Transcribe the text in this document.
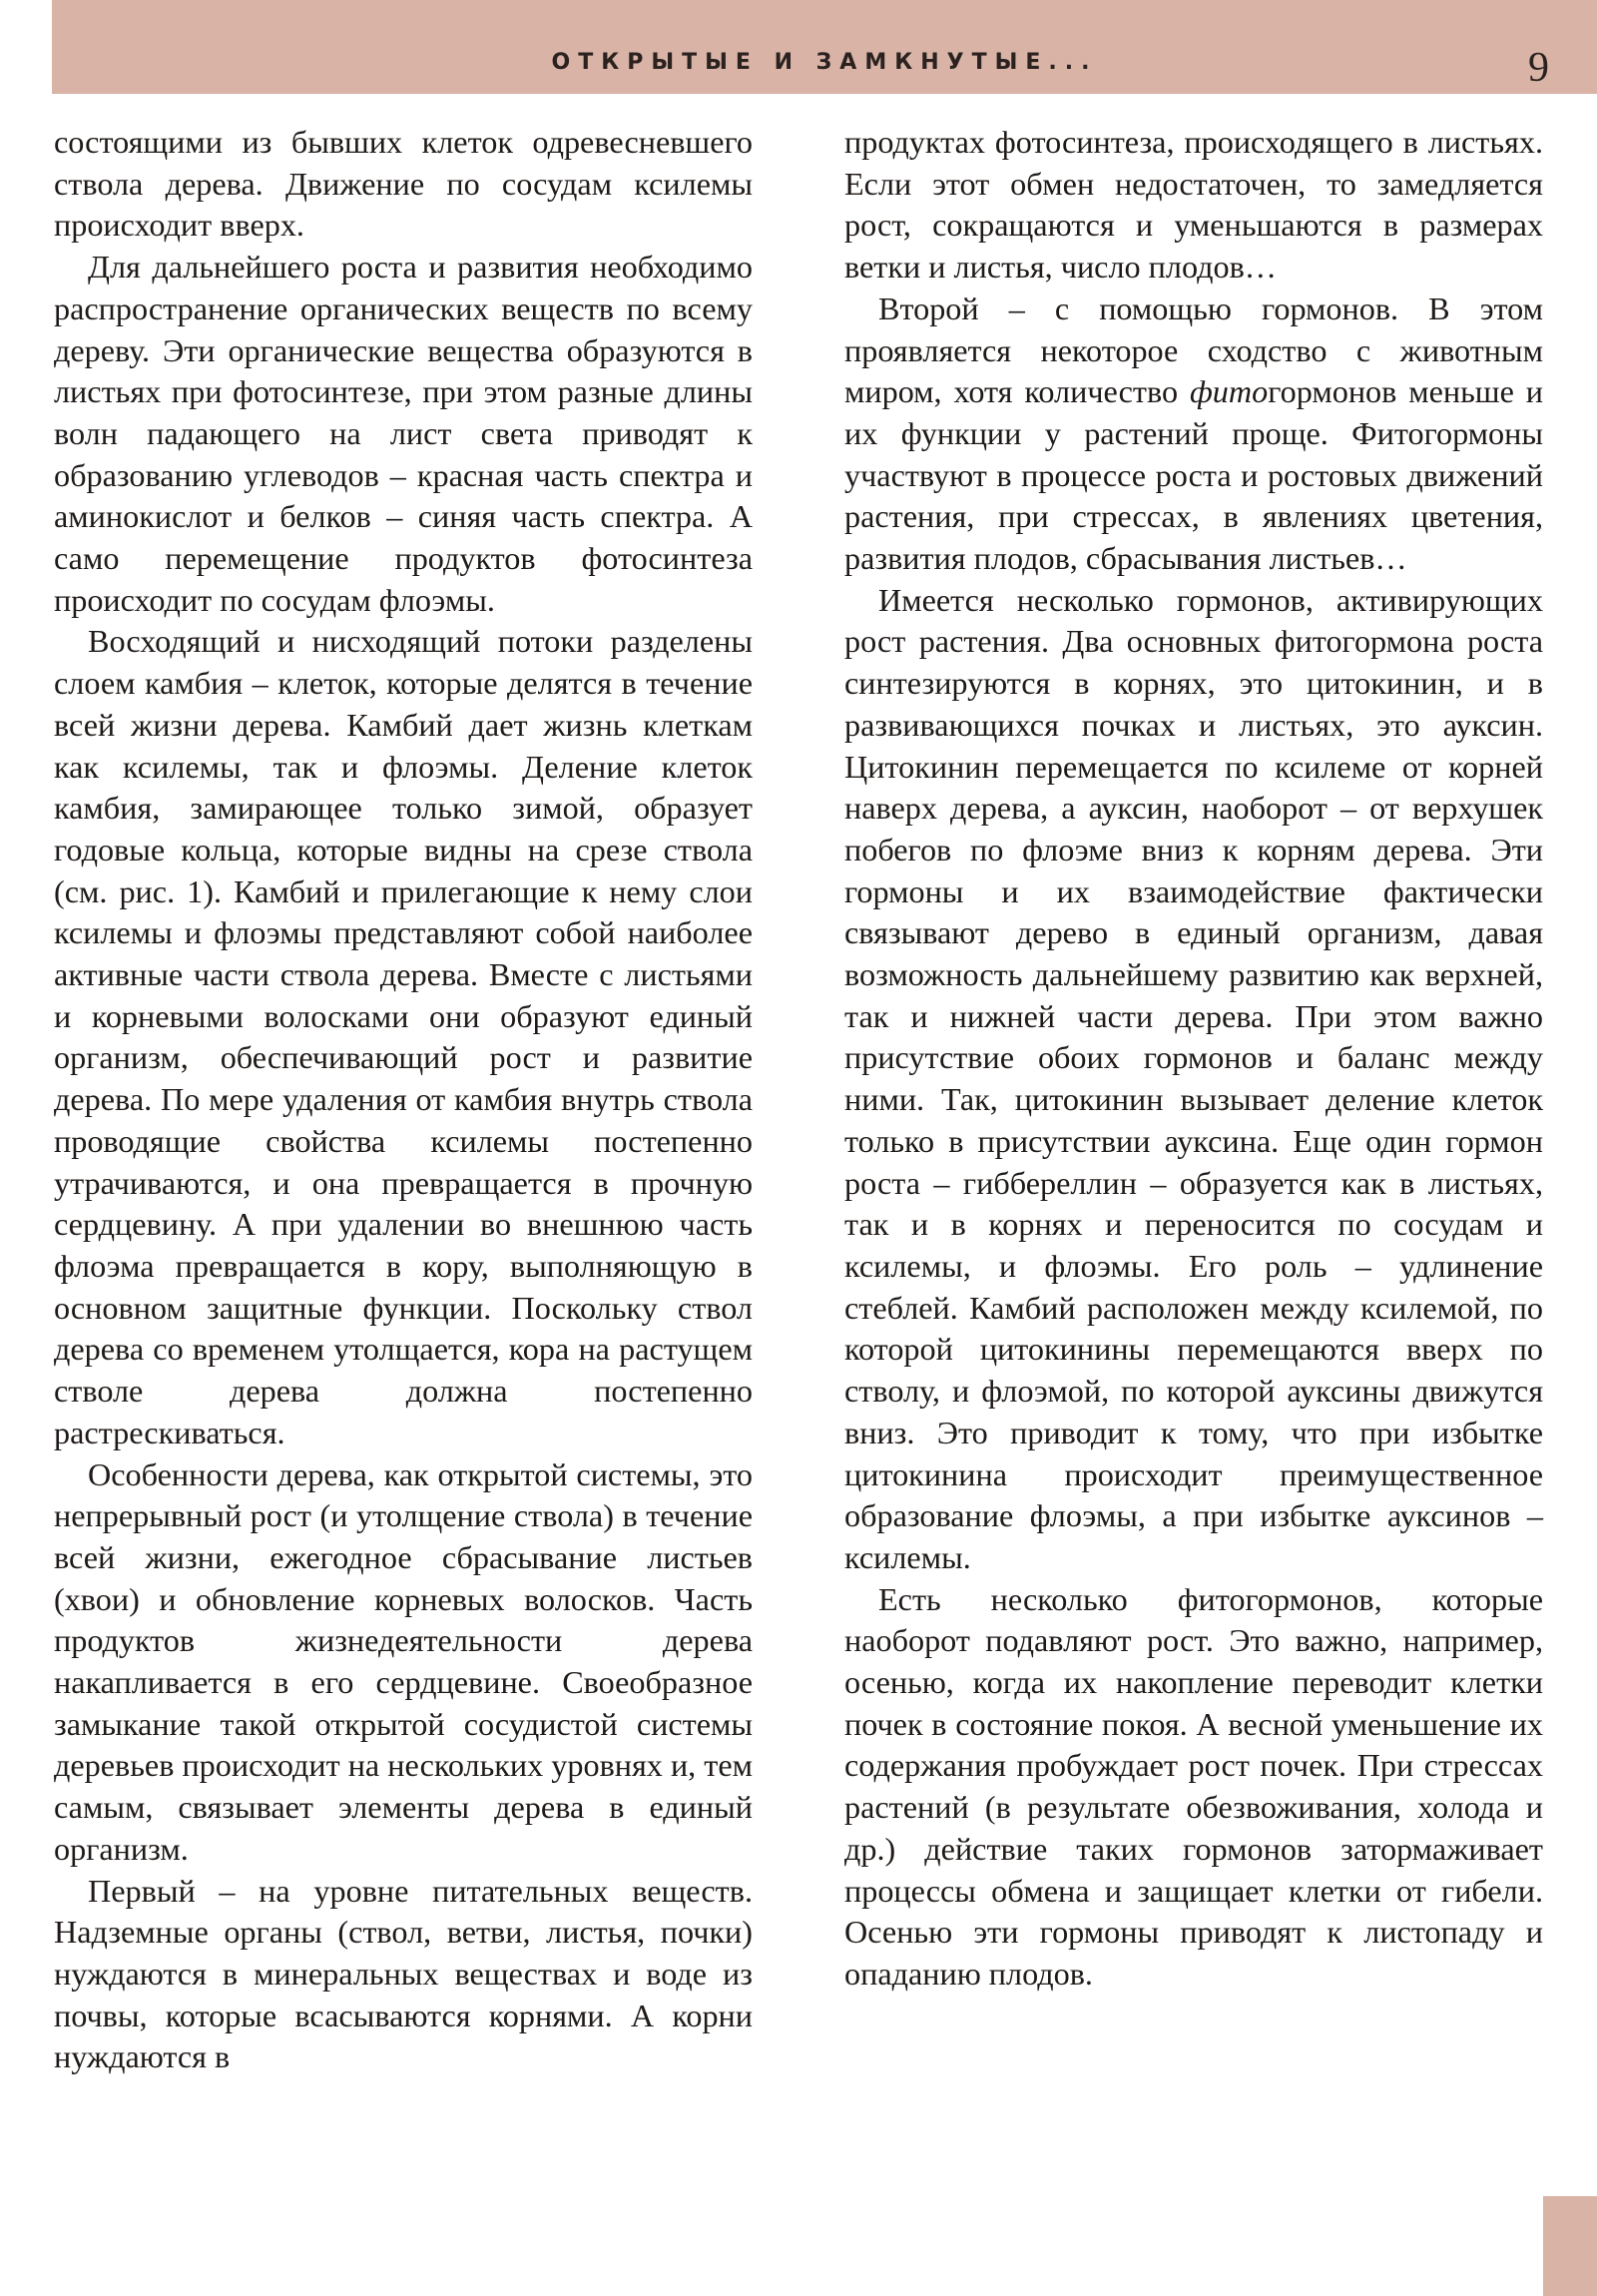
ОТКРЫТЫЕ И ЗАМКНУТЫЕ...	9

состоящими из бывших клеток одревесневшего ствола дерева. Движение по сосудам ксилемы происходит вверх.

Для дальнейшего роста и развития необходимо распространение органических веществ по всему дереву. Эти органические вещества образуются в листьях при фотосинтезе, при этом разные длины волн падающего на лист света приводят к образованию углеводов – красная часть спектра и аминокислот и белков – синяя часть спектра. А само перемещение продуктов фотосинтеза происходит по сосудам флоэмы.

Восходящий и нисходящий потоки разделены слоем камбия – клеток, которые делятся в течение всей жизни дерева. Камбий дает жизнь клеткам как ксилемы, так и флоэмы. Деление клеток камбия, замирающее только зимой, образует годовые кольца, которые видны на срезе ствола (см. рис. 1). Камбий и прилегающие к нему слои ксилемы и флоэмы представляют собой наиболее активные части ствола дерева. Вместе с листьями и корневыми волосками они образуют единый организм, обеспечивающий рост и развитие дерева. По мере удаления от камбия внутрь ствола проводящие свойства ксилемы постепенно утрачиваются, и она превращается в прочную сердцевину. А при удалении во внешнюю часть флоэма превращается в кору, выполняющую в основном защитные функции. Поскольку ствол дерева со временем утолщается, кора на растущем стволе дерева должна постепенно растрескиваться.

Особенности дерева, как открытой системы, это непрерывный рост (и утолщение ствола) в течение всей жизни, ежегодное сбрасывание листьев (хвои) и обновление корневых волосков. Часть продуктов жизнедеятельности дерева накапливается в его сердцевине. Своеобразное замыкание такой открытой сосудистой системы деревьев происходит на нескольких уровнях и, тем самым, связывает элементы дерева в единый организм.

Первый – на уровне питательных веществ. Надземные органы (ствол, ветви, листья, почки) нуждаются в минеральных веществах и воде из почвы, которые всасываются корнями. А корни нуждаются в

продуктах фотосинтеза, происходящего в листьях. Если этот обмен недостаточен, то замедляется рост, сокращаются и уменьшаются в размерах ветки и листья, число плодов…

Второй – с помощью гормонов. В этом проявляется некоторое сходство с животным миром, хотя количество фитогормонов меньше и их функции у растений проще. Фитогормоны участвуют в процессе роста и ростовых движений растения, при стрессах, в явлениях цветения, развития плодов, сбрасывания листьев…

Имеется несколько гормонов, активирующих рост растения. Два основных фитогормона роста синтезируются в корнях, это цитокинин, и в развивающихся почках и листьях, это ауксин. Цитокинин перемещается по ксилеме от корней наверх дерева, а ауксин, наоборот – от верхушек побегов по флоэме вниз к корням дерева. Эти гормоны и их взаимодействие фактически связывают дерево в единый организм, давая возможность дальнейшему развитию как верхней, так и нижней части дерева. При этом важно присутствие обоих гормонов и баланс между ними. Так, цитокинин вызывает деление клеток только в присутствии ауксина. Еще один гормон роста – гиббереллин – образуется как в листьях, так и в корнях и переносится по сосудам и ксилемы, и флоэмы. Его роль – удлинение стеблей. Камбий расположен между ксилемой, по которой цитокинины перемещаются вверх по стволу, и флоэмой, по которой ауксины движутся вниз. Это приводит к тому, что при избытке цитокинина происходит преимущественное образование флоэмы, а при избытке ауксинов – ксилемы.

Есть несколько фитогормонов, которые наоборот подавляют рост. Это важно, например, осенью, когда их накопление переводит клетки почек в состояние покоя. А весной уменьшение их содержания пробуждает рост почек. При стрессах растений (в результате обезвоживания, холода и др.) действие таких гормонов затормаживает процессы обмена и защищает клетки от гибели. Осенью эти гормоны приводят к листопаду и опаданию плодов.
